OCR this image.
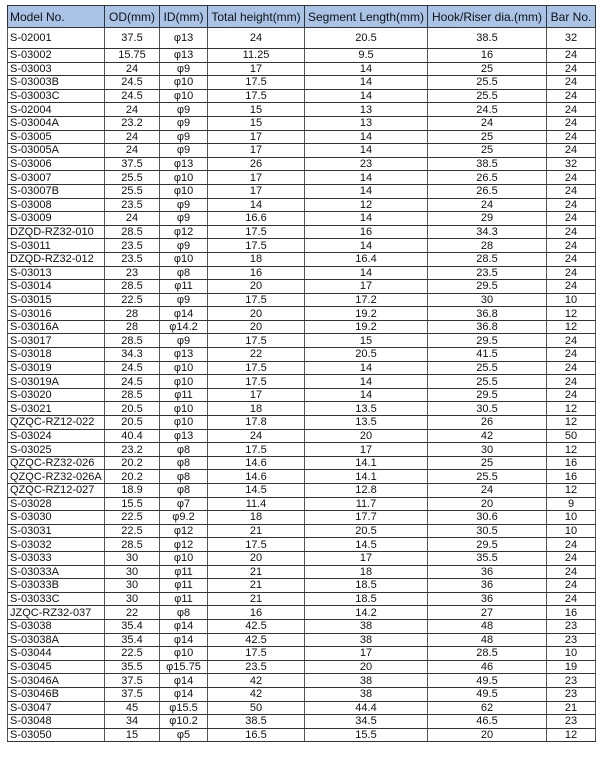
Model No.	OD(mm)	ID(mm)	Total height(mm)	Segment Length(mm)	Hook/Riser dia.(mm)	Bar No.
S-02001	37.5	φ13	24	20.5	38.5	32
S-03002	15.75	φ13	11.25	9.5	16	24
S-03003	24	φ9	17	14	25	24
S-03003B	24.5	φ10	17.5	14	25.5	24
S-03003C	24.5	φ10	17.5	14	25.5	24
S-02004	24	φ9	15	13	24.5	24
S-03004A	23.2	φ9	15	13	24	24
S-03005	24	φ9	17	14	25	24
S-03005A	24	φ9	17	14	25	24
S-03006	37.5	φ13	26	23	38.5	32
S-03007	25.5	φ10	17	14	26.5	24
S-03007B	25.5	φ10	17	14	26.5	24
S-03008	23.5	φ9	14	12	24	24
S-03009	24	φ9	16.6	14	29	24
DZQD-RZ32-010	28.5	φ12	17.5	16	34.3	24
S-03011	23.5	φ9	17.5	14	28	24
DZQD-RZ32-012	23.5	φ10	18	16.4	28.5	24
S-03013	23	φ8	16	14	23.5	24
S-03014	28.5	φ11	20	17	29.5	24
S-03015	22.5	φ9	17.5	17.2	30	10
S-03016	28	φ14	20	19.2	36.8	12
S-03016A	28	φ14.2	20	19.2	36.8	12
S-03017	28.5	φ9	17.5	15	29.5	24
S-03018	34.3	φ13	22	20.5	41.5	24
S-03019	24.5	φ10	17.5	14	25.5	24
S-03019A	24.5	φ10	17.5	14	25.5	24
S-03020	28.5	φ11	17	14	29.5	24
S-03021	20.5	φ10	18	13.5	30.5	12
QZQC-RZ12-022	20.5	φ10	17.8	13.5	26	12
S-03024	40.4	φ13	24	20	42	50
S-03025	23.2	φ8	17.5	17	30	12
QZQC-RZ32-026	20.2	φ8	14.6	14.1	25	16
QZQC-RZ32-026A	20.2	φ8	14.6	14.1	25.5	16
QZQC-RZ12-027	18.9	φ8	14.5	12.8	24	12
S-03028	15.5	φ7	11.4	11.7	20	9
S-03030	22.5	φ9.2	18	17.7	30.6	10
S-03031	22.5	φ12	21	20.5	30.5	10
S-03032	28.5	φ12	17.5	14.5	29.5	24
S-03033	30	φ10	20	17	35.5	24
S-03033A	30	φ11	21	18	36	24
S-03033B	30	φ11	21	18.5	36	24
S-03033C	30	φ11	21	18.5	36	24
JZQC-RZ32-037	22	φ8	16	14.2	27	16
S-03038	35.4	φ14	42.5	38	48	23
S-03038A	35.4	φ14	42.5	38	48	23
S-03044	22.5	φ10	17.5	17	28.5	10
S-03045	35.5	φ15.75	23.5	20	46	19
S-03046A	37.5	φ14	42	38	49.5	23
S-03046B	37.5	φ14	42	38	49.5	23
S-03047	45	φ15.5	50	44.4	62	21
S-03048	34	φ10.2	38.5	34.5	46.5	23
S-03050	15	φ5	16.5	15.5	20	12
